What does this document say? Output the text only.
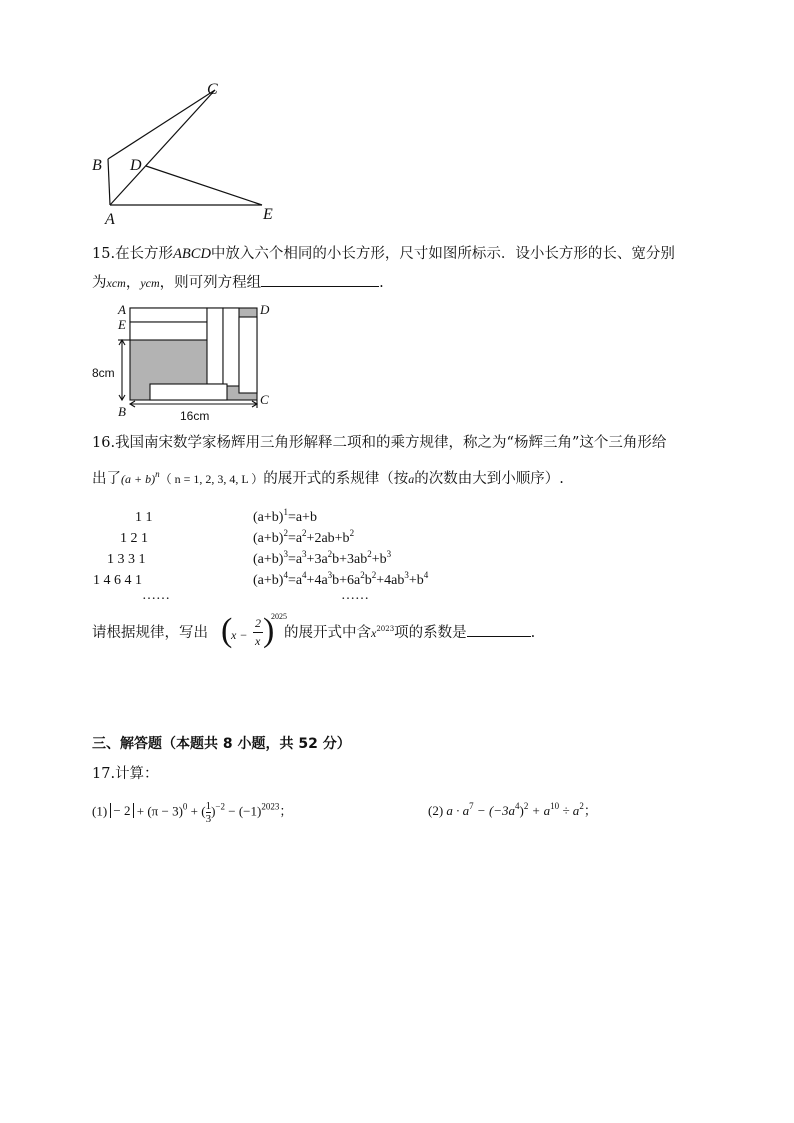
A
B
C
D
E
15.在长方形ABCD中放入六个相同的小长方形，尺寸如图所标示．设小长方形的长、宽分别
为xcm，ycm，则可列方程组	.
A
E
D
B
C
8cm
16cm
16.我国南宋数学家杨辉用三角形解释二项和的乘方规律，称之为“杨辉三角”这个三角形给
出了$(a + b)^n$（ n = 1, 2, 3, 4, L ）的展开式的系规律（按a的次数由大到小顺序）.
1 1
1 2 1
1 3 3 1
1 4 6 4 1
……
$(a+b)^1=a+b$
$(a+b)^2=a^2+2ab+b^2$
$(a+b)^3=a^3+3a^2b+3ab^2+b^3$
$(a+b)^4=a^4+4a^3b+6a^2b^2+4ab^3+b^4$
……
请根据规律，写出 (
x −
2
x )
2025
的展开式中含$x^{2023}$项的系数是	.
三、解答题（本题共 8 小题，共 52 分）
17.计算：
$(1) - 2 + (\pi - 3)^0$ + ( $\frac{1}{3} )^{-2} - (-1)^{2023}$；	(2) $a \cdot a^7 - (-3a^4)^2 + a^{10} \div a^2$；
